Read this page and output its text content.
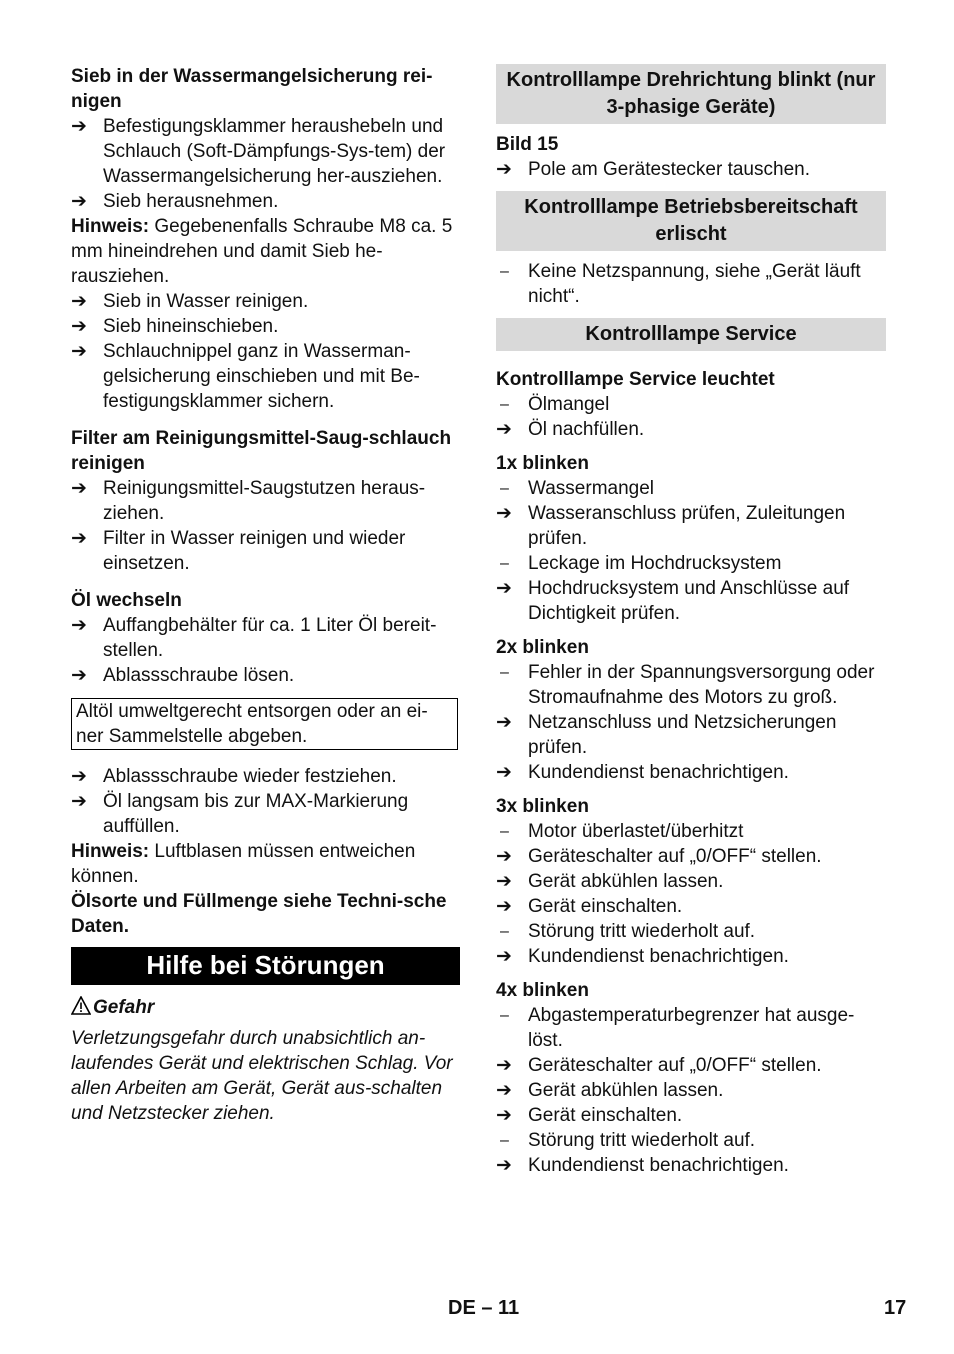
Sieb in der Wassermangelsicherung rei-
nigen

➔ Befestigungsklammer heraushebeln und Schlauch (Soft-Dämpfungs-Sys-tem) der Wassermangelsicherung her-ausziehen.
➔ Sieb herausnehmen.

Hinweis: Gegebenenfalls Schraube M8 ca. 5 mm hineindrehen und damit Sieb he-rausziehen.

➔ Sieb in Wasser reinigen.
➔ Sieb hineinschieben.
➔ Schlauchnippel ganz in Wasserman-gelsicherung einschieben und mit Be-festigungsklammer sichern.

Filter am Reinigungsmittel-Saug-schlauch reinigen

➔ Reinigungsmittel-Saugstutzen heraus-ziehen.
➔ Filter in Wasser reinigen und wieder einsetzen.

Öl wechseln

➔ Auffangbehälter für ca. 1 Liter Öl bereit-stellen.
➔ Ablassschraube lösen.
Altöl umweltgerecht entsorgen oder an ei-ner Sammelstelle abgeben.
➔ Ablassschraube wieder festziehen.
➔ Öl langsam bis zur MAX-Markierung auffüllen.

Hinweis: Luftblasen müssen entweichen können.

Ölsorte und Füllmenge siehe Techni-sche Daten.

Hilfe bei Störungen

Gefahr

Verletzungsgefahr durch unabsichtlich an-laufendes Gerät und elektrischen Schlag. Vor allen Arbeiten am Gerät, Gerät aus-schalten und Netzstecker ziehen.

Kontrolllampe Drehrichtung blinkt (nur 3-phasige Geräte)

Bild 15

➔ Pole am Gerätestecker tauschen.
Kontrolllampe Betriebsbereitschaft erlischt
–	Keine Netzspannung, siehe „Gerät läuft nicht“.
Kontrolllampe Service

Kontrolllampe Service leuchtet

–	Ölmangel
➔ Öl nachfüllen.

1x blinken

–	Wassermangel
➔ Wasseranschluss prüfen, Zuleitungen prüfen.
–	Leckage im Hochdrucksystem
➔ Hochdrucksystem und Anschlüsse auf Dichtigkeit prüfen.

2x blinken

–	Fehler in der Spannungsversorgung oder Stromaufnahme des Motors zu groß.
➔ Netzanschluss und Netzsicherungen prüfen.
➔ Kundendienst benachrichtigen.

3x blinken

–	Motor überlastet/überhitzt
➔ Geräteschalter auf „0/OFF“ stellen.
➔ Gerät abkühlen lassen.
➔ Gerät einschalten.
–	Störung tritt wiederholt auf.
➔ Kundendienst benachrichtigen.

4x blinken

–	Abgastemperaturbegrenzer hat ausge-löst.
➔ Geräteschalter auf „0/OFF“ stellen.
➔ Gerät abkühlen lassen.
➔ Gerät einschalten.
–	Störung tritt wiederholt auf.
➔ Kundendienst benachrichtigen.
DE – 11	17
